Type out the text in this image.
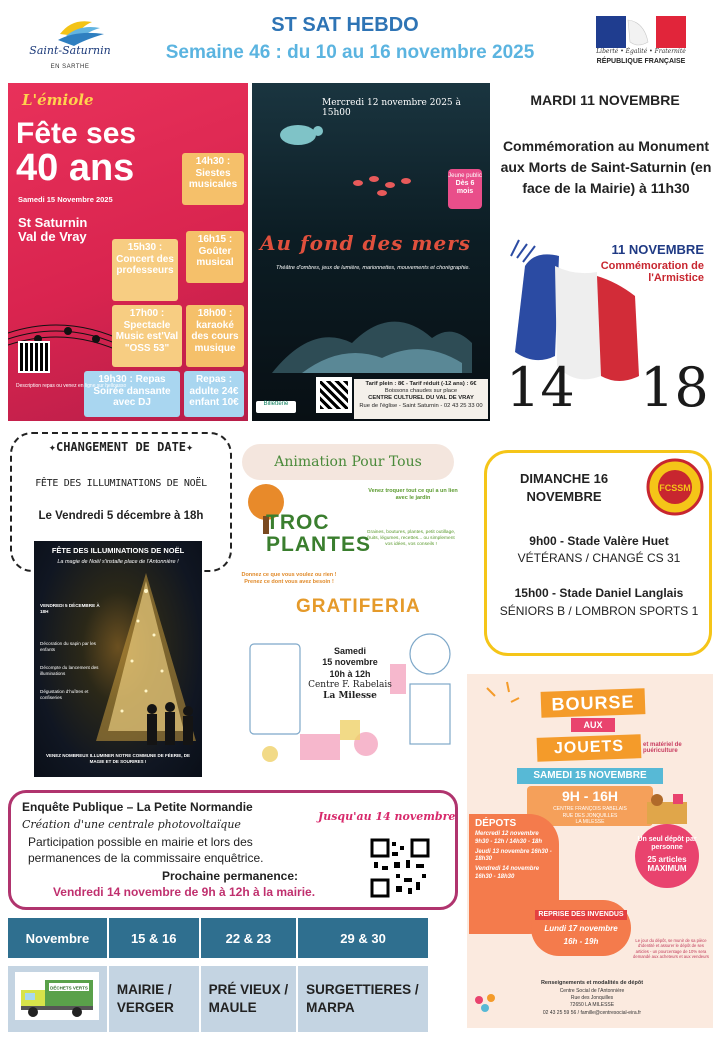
Saint-Saturnin
EN SARTHE
ST SAT HEBDO
Semaine 46 : du 10 au 16 novembre 2025	Liberté • Égalité • Fraternité
RÉPUBLIQUE FRANÇAISE
L'émiole
Fête ses
40 ans
Samedi 15 Novembre 2025
St Saturnin
Val de Vray
14h30 : Siestes musicales
16h15 : Goûter musical
15h30 : Concert des professeurs
17h00 : Spectacle Music est'Val "OSS 53"
18h00 : karaoké des cours musique
19h30 : Repas Soirée dansante avec DJ
Repas : adulte 24€ enfant 10€
Description repas ou venez en ligne sur helloasso
Mercredi 12 novembre 2025 à 15h00
Jeune public
Dès 6 mois
Au fond des mers
Théâtre d'ombres, jeux de lumière, marionnettes, mouvements et chorégraphie.
Billetterie
Tarif plein : 8€ - Tarif réduit (-12 ans) : 6€
Boissons chaudes sur place
CENTRE CULTUREL DU VAL DE VRAY
Rue de l'église - Saint Saturnin - 02 43 25 33 00
MARDI 11 NOVEMBRE
Commémoration au Monument aux Morts de Saint-Saturnin (en face de la Mairie) à 11h30
11 NOVEMBRE
Commémoration de l'Armistice
14 18
✦CHANGEMENT DE DATE✦
FÊTE DES ILLUMINATIONS DE NOËL
Le Vendredi 5 décembre à 18h
FÊTE DES ILLUMINATIONS DE NOËL
La magie de Noël s'installe place de l'Antonnière !
VENDREDI 5 DÉCEMBRE À 18H
Décoration du sapin par les enfants
Décompte du lancement des illuminations
Dégustation d'huîtres et confiseries
VENEZ NOMBREUX ILLUMINER NOTRE COMMUNE DE FÉERIE, DE MAGIE ET DE SOURIRES !
Animation Pour Tous
TROC
PLANTES
Venez troquer tout ce qui a un lien avec le jardin
Graines, boutures, plantes, petit outillage, fruits, légumes, recettes... ou simplement vos idées, vos conseils !
Donnez ce que vous voulez ou rien ! Prenez ce dont vous avez besoin !
GRATIFERIA
Samedi
15 novembre
10h à 12h
Centre F. Rabelais
La Milesse
DIMANCHE 16 NOVEMBRE
FCSSM
9h00 - Stade Valère Huet
VÉTÉRANS / CHANGÉ CS 31
15h00 - Stade Daniel Langlais
SÉNIORS B / LOMBRON SPORTS 1
BOURSE
AUX
JOUETS	et matériel de puériculture
SAMEDI 15 NOVEMBRE
9H - 16H
CENTRE FRANÇOIS RABELAIS
RUE DES JONQUILLES
LA MILESSE
DÉPOTS
Mercredi 12 novembre 9h30 - 12h / 14h30 - 18h
Jeudi 13 novembre 16h30 - 18h30
Vendredi 14 novembre 16h30 - 18h30
REPRISE DES INVENDUS
Lundi 17 novembre
16h - 19h
Un seul dépôt par personne
25 articles MAXIMUM
Le jour du dépôt, se munir de sa pièce d'identité et assurer le dépôt de ses articles - un pourcentage de 10% sera demandé aux acheteurs et aux vendeurs
Renseignements et modalités de dépôt
Centre Social de l'Antonnière
Rue des Jonquilles
72650 LA MILESSE
02 43 25 59 56 / famille@centresocial-eira.fr
Enquête Publique – La Petite Normandie
Jusqu'au 14 novembre
Création d'une centrale photovoltaïque
Participation possible en mairie et lors des
permanences de la commissaire enquêtrice.
Prochaine permanence:
Vendredi 14 novembre de 9h à 12h à la mairie.
Novembre	15 & 16	22 & 23	29 & 30

DÉCHETS VERTS	MAIRIE / VERGER	PRÉ VIEUX / MAULE	SURGETTIERES / MARPA
